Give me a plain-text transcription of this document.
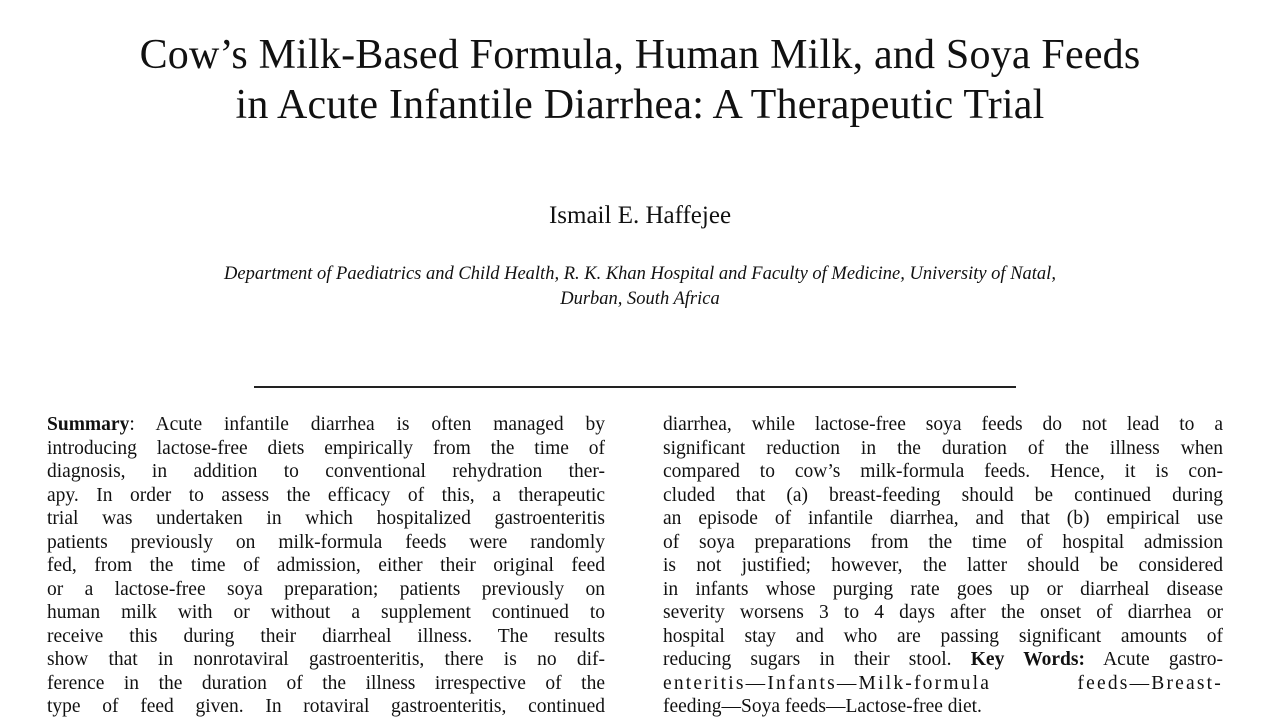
Cow’s Milk-Based Formula, Human Milk, and Soya Feeds
in Acute Infantile Diarrhea: A Therapeutic Trial
Ismail E. Haffejee
Department of Paediatrics and Child Health, R. K. Khan Hospital and Faculty of Medicine, University of Natal,
Durban, South Africa
Summary: Acute infantile diarrhea is often managed by
introducing lactose-free diets empirically from the time of
diagnosis, in addition to conventional rehydration ther-
apy. In order to assess the efficacy of this, a therapeutic
trial was undertaken in which hospitalized gastroenteritis
patients previously on milk-formula feeds were randomly
fed, from the time of admission, either their original feed
or a lactose-free soya preparation; patients previously on
human milk with or without a supplement continued to
receive this during their diarrheal illness. The results
show that in nonrotaviral gastroenteritis, there is no dif-
ference in the duration of the illness irrespective of the
type of feed given. In rotaviral gastroenteritis, continued
diarrhea, while lactose-free soya feeds do not lead to a
significant reduction in the duration of the illness when
compared to cow’s milk-formula feeds. Hence, it is con-
cluded that (a) breast-feeding should be continued during
an episode of infantile diarrhea, and that (b) empirical use
of soya preparations from the time of hospital admission
is not justified; however, the latter should be considered
in infants whose purging rate goes up or diarrheal disease
severity worsens 3 to 4 days after the onset of diarrhea or
hospital stay and who are passing significant amounts of
reducing sugars in their stool. Key Words: Acute gastro-
enteritis—Infants—Milk-formula feeds—Breast-
feeding—Soya feeds—Lactose-free diet.
